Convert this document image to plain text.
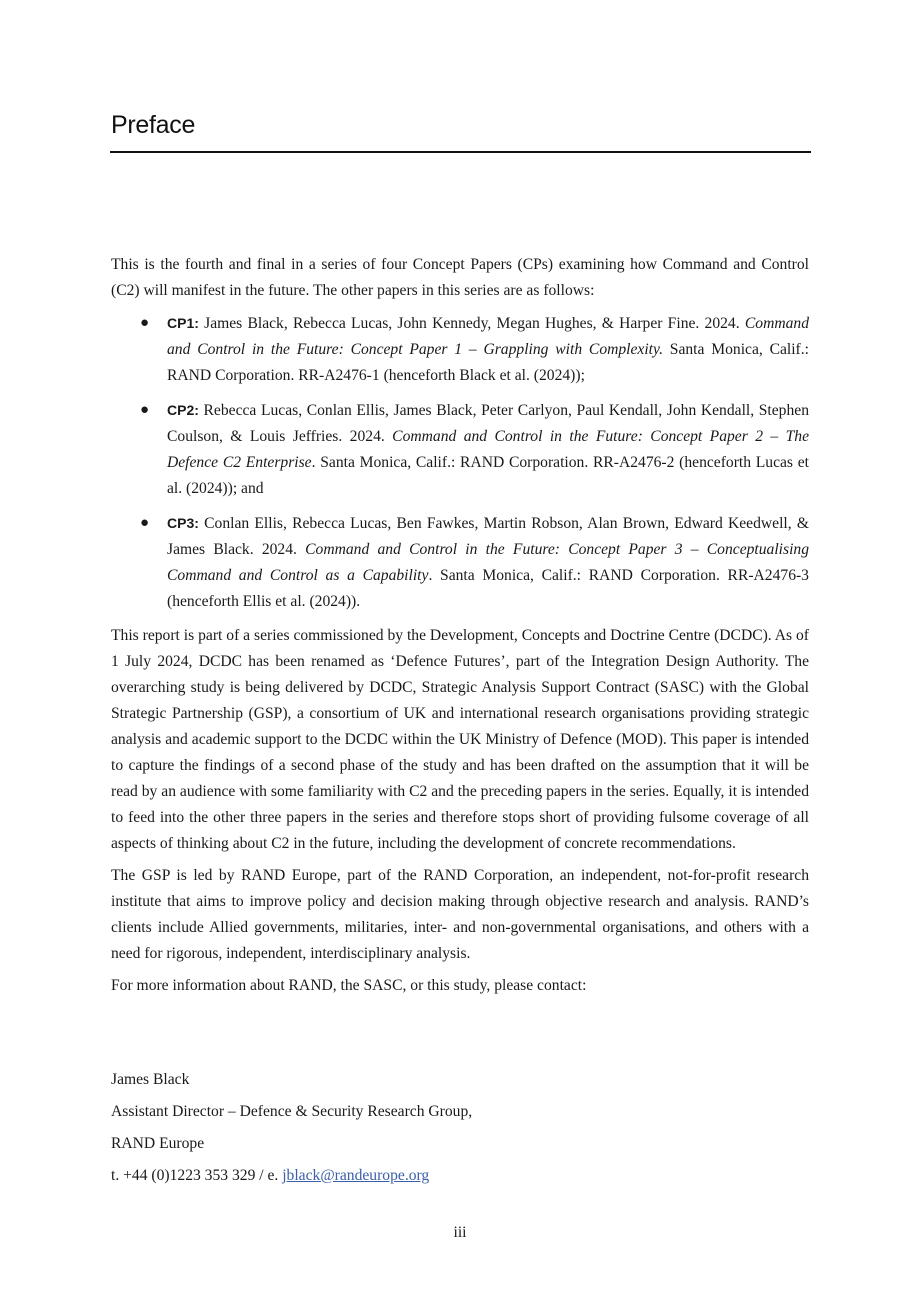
Preface

This is the fourth and final in a series of four Concept Papers (CPs) examining how Command and Control (C2) will manifest in the future. The other papers in this series are as follows:

● CP1: James Black, Rebecca Lucas, John Kennedy, Megan Hughes, & Harper Fine. 2024. Command and Control in the Future: Concept Paper 1 – Grappling with Complexity. Santa Monica, Calif.: RAND Corporation. RR-A2476-1 (henceforth Black et al. (2024));
● CP2: Rebecca Lucas, Conlan Ellis, James Black, Peter Carlyon, Paul Kendall, John Kendall, Stephen Coulson, & Louis Jeffries. 2024. Command and Control in the Future: Concept Paper 2 – The Defence C2 Enterprise. Santa Monica, Calif.: RAND Corporation. RR-A2476-2 (henceforth Lucas et al. (2024)); and
● CP3: Conlan Ellis, Rebecca Lucas, Ben Fawkes, Martin Robson, Alan Brown, Edward Keedwell, & James Black. 2024. Command and Control in the Future: Concept Paper 3 – Conceptualising Command and Control as a Capability. Santa Monica, Calif.: RAND Corporation. RR-A2476-3 (henceforth Ellis et al. (2024)).

This report is part of a series commissioned by the Development, Concepts and Doctrine Centre (DCDC). As of 1 July 2024, DCDC has been renamed as ‘Defence Futures’, part of the Integration Design Authority. The overarching study is being delivered by DCDC, Strategic Analysis Support Contract (SASC) with the Global Strategic Partnership (GSP), a consortium of UK and international research organisations providing strategic analysis and academic support to the DCDC within the UK Ministry of Defence (MOD). This paper is intended to capture the findings of a second phase of the study and has been drafted on the assumption that it will be read by an audience with some familiarity with C2 and the preceding papers in the series. Equally, it is intended to feed into the other three papers in the series and therefore stops short of providing fulsome coverage of all aspects of thinking about C2 in the future, including the development of concrete recommendations.

The GSP is led by RAND Europe, part of the RAND Corporation, an independent, not-for-profit research institute that aims to improve policy and decision making through objective research and analysis. RAND’s clients include Allied governments, militaries, inter- and non-governmental organisations, and others with a need for rigorous, independent, interdisciplinary analysis.

For more information about RAND, the SASC, or this study, please contact:

James Black
Assistant Director – Defence & Security Research Group,
RAND Europe
t. +44 (0)1223 353 329 / e. jblack@randeurope.org
iii
